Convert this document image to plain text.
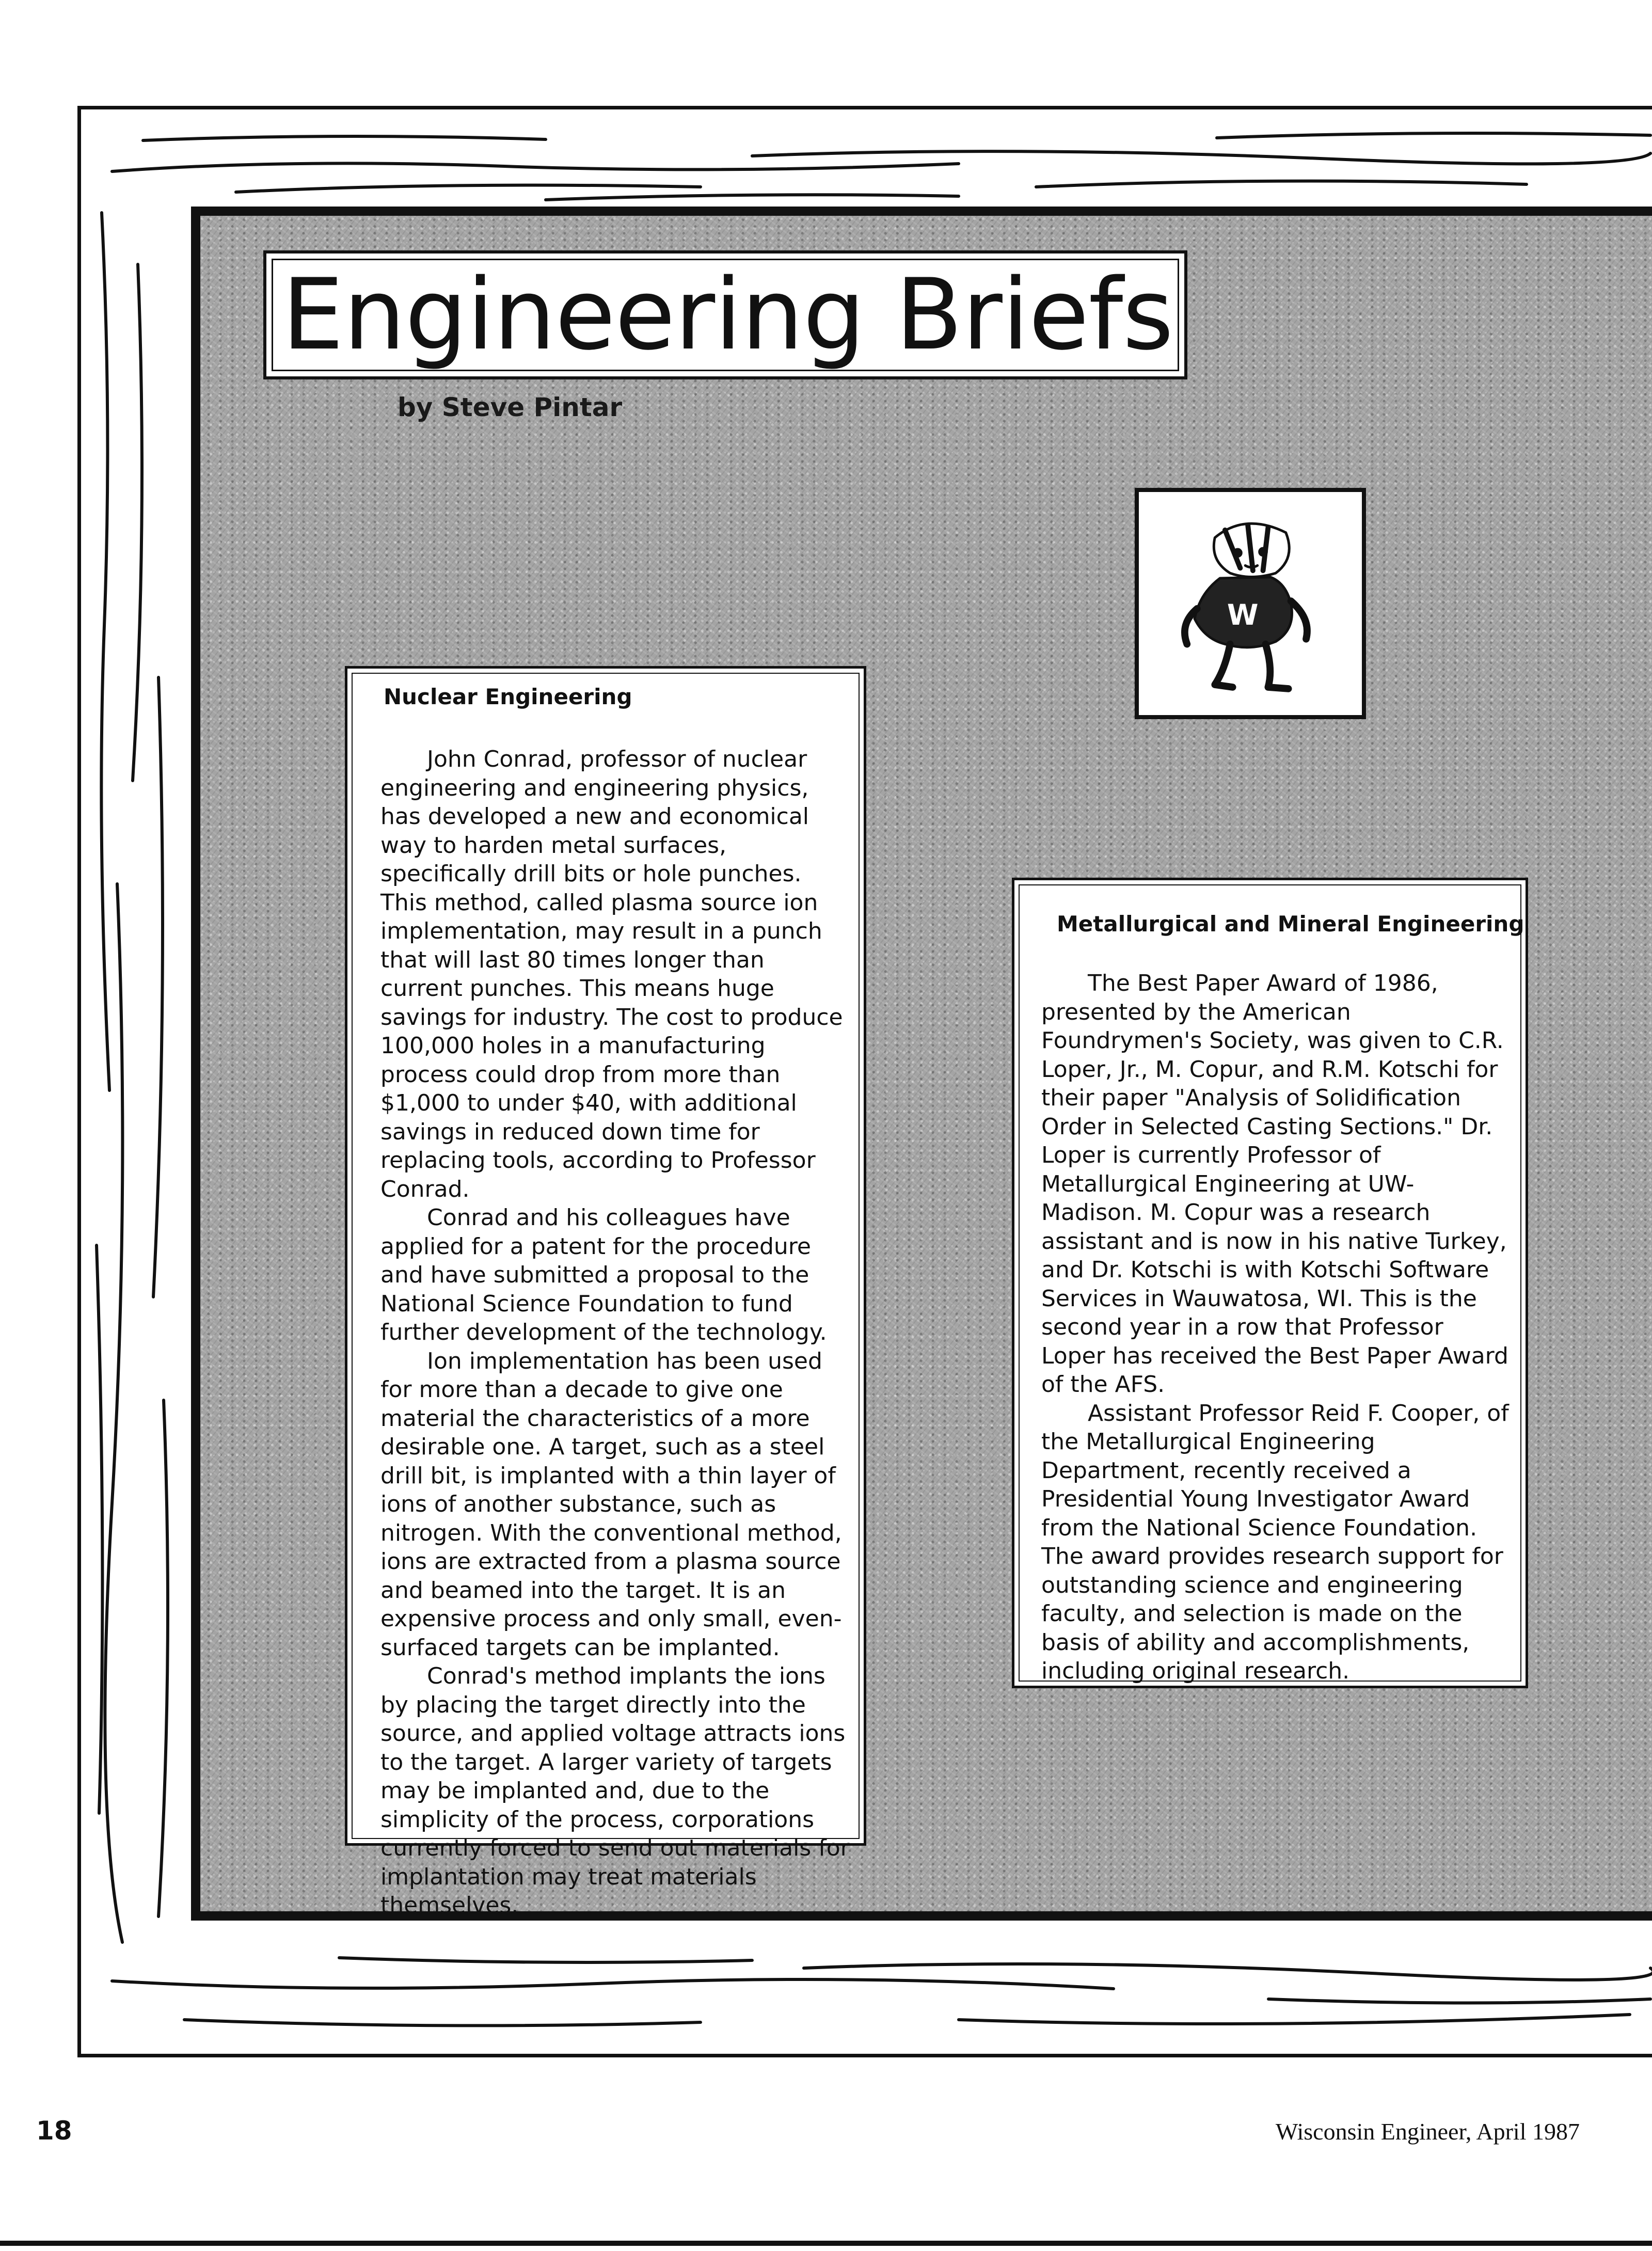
Engineering Briefs
by Steve Pintar
W
Nuclear Engineering

John Conrad, professor of nuclear engineering and engineering physics, has developed a new and economical way to harden metal surfaces, specifically drill bits or hole punches. This method, called plasma source ion implementation, may result in a punch that will last 80 times longer than current punches. This means huge savings for industry. The cost to produce 100,000 holes in a manufacturing process could drop from more than $1,000 to under $40, with additional savings in reduced down time for replacing tools, according to Professor Conrad.

Conrad and his colleagues have applied for a patent for the procedure and have submitted a proposal to the National Science Foundation to fund further development of the technology.

Ion implementation has been used for more than a decade to give one material the characteristics of a more desirable one. A target, such as a steel drill bit, is implanted with a thin layer of ions of another substance, such as nitrogen. With the conventional method, ions are extracted from a plasma source and beamed into the target. It is an expensive process and only small, even-surfaced targets can be implanted.

Conrad's method implants the ions by placing the target directly into the source, and applied voltage attracts ions to the target. A larger variety of targets may be implanted and, due to the simplicity of the process, corporations currently forced to send out materials for implantation may treat materials themselves.

Metallurgical and Mineral Engineering

The Best Paper Award of 1986, presented by the American Foundrymen's Society, was given to C.R. Loper, Jr., M. Copur, and R.M. Kotschi for their paper "Analysis of Solidification Order in Selected Casting Sections." Dr. Loper is currently Professor of Metallurgical Engineering at UW-Madison. M. Copur was a research assistant and is now in his native Turkey, and Dr. Kotschi is with Kotschi Software Services in Wauwatosa, WI. This is the second year in a row that Professor Loper has received the Best Paper Award of the AFS.

Assistant Professor Reid F. Cooper, of the Metallurgical Engineering Department, recently received a Presidential Young Investigator Award from the National Science Foundation. The award provides research support for outstanding science and engineering faculty, and selection is made on the basis of ability and accomplishments, including original research.

18	Wisconsin Engineer, April 1987
